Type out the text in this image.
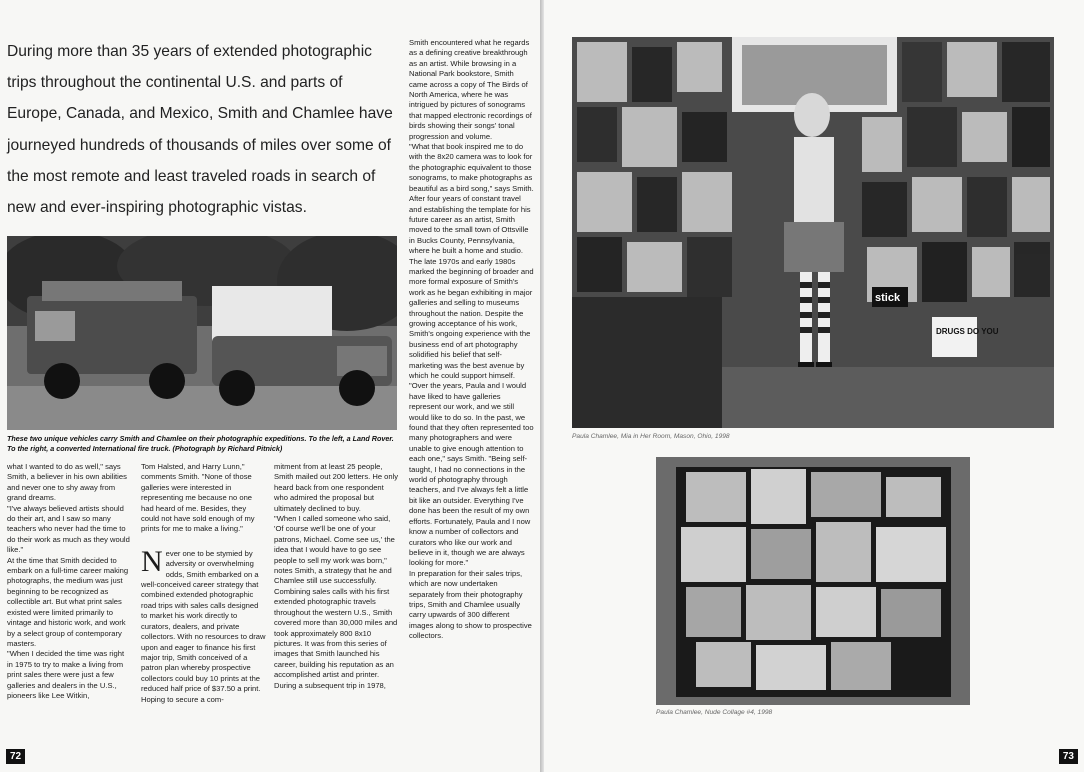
During more than 35 years of extended photographic trips throughout the continental U.S. and parts of Europe, Canada, and Mexico, Smith and Chamlee have journeyed hundreds of thousands of miles over some of the most remote and least traveled roads in search of new and ever-inspiring photographic vistas.
These two unique vehicles carry Smith and Chamlee on their photographic expeditions. To the left, a Land Rover. To the right, a converted International fire truck. (Photograph by Richard Pitnick)

what I wanted to do as well," says Smith, a believer in his own abilities and never one to shy away from grand dreams.

"I've always believed artists should do their art, and I saw so many teachers who never had the time to do their work as much as they would like."

At the time that Smith decided to embark on a full-time career making photographs, the medium was just beginning to be recognized as collectible art. But what print sales existed were limited primarily to vintage and historic work, and work by a select group of contemporary masters.

"When I decided the time was right in 1975 to try to make a living from print sales there were just a few galleries and dealers in the U.S., pioneers like Lee Witkin,

Tom Halsted, and Harry Lunn," comments Smith. "None of those galleries were interested in representing me because no one had heard of me. Besides, they could not have sold enough of my prints for me to make a living."

Never one to be stymied by adversity or overwhelming odds, Smith embarked on a well-conceived career strategy that combined extended photographic road trips with sales calls designed to market his work directly to curators, dealers, and private collectors. With no resources to draw upon and eager to finance his first major trip, Smith conceived of a patron plan whereby prospective collectors could buy 10 prints at the reduced half price of $37.50 a print. Hoping to secure a com-

mitment from at least 25 people, Smith mailed out 200 letters. He only heard back from one respondent who admired the proposal but ultimately declined to buy.

"When I called someone who said, 'Of course we'll be one of your patrons, Michael. Come see us,' the idea that I would have to go see people to sell my work was born," notes Smith, a strategy that he and Chamlee still use successfully.

Combining sales calls with his first extended photographic travels throughout the western U.S., Smith covered more than 30,000 miles and took approximately 800 8x10 pictures. It was from this series of images that Smith launched his career, building his reputation as an accomplished artist and printer. During a subsequent trip in 1978,

Smith encountered what he regards as a defining creative breakthrough as an artist. While browsing in a National Park bookstore, Smith came across a copy of The Birds of North America, where he was intrigued by pictures of sonograms that mapped electronic recordings of birds showing their songs' tonal progression and volume.

"What that book inspired me to do with the 8x20 camera was to look for the photographic equivalent to those sonograms, to make photographs as beautiful as a bird song," says Smith.

After four years of constant travel and establishing the template for his future career as an artist, Smith moved to the small town of Ottsville in Bucks County, Pennsylvania, where he built a home and studio. The late 1970s and early 1980s marked the beginning of broader and more formal exposure of Smith's work as he began exhibiting in major galleries and selling to museums throughout the nation. Despite the growing acceptance of his work, Smith's ongoing experience with the business end of art photography solidified his belief that self-marketing was the best avenue by which he could support himself.

"Over the years, Paula and I would have liked to have galleries represent our work, and we still would like to do so. In the past, we found that they often represented too many photographers and were unable to give enough attention to each one," says Smith. "Being self-taught, I had no connections in the world of photography through teachers, and I've always felt a little bit like an outsider. Everything I've done has been the result of my own efforts. Fortunately, Paula and I now know a number of collectors and curators who like our work and believe in it, though we are always looking for more."

In preparation for their sales trips, which are now undertaken separately from their photography trips, Smith and Chamlee usually carry upwards of 300 different images along to show to prospective collectors.

72
stick
DRUGS DO YOU
Paula Chamlee, Mia in Her Room, Mason, Ohio, 1998
Paula Chamlee, Nude Collage #4, 1998
73
